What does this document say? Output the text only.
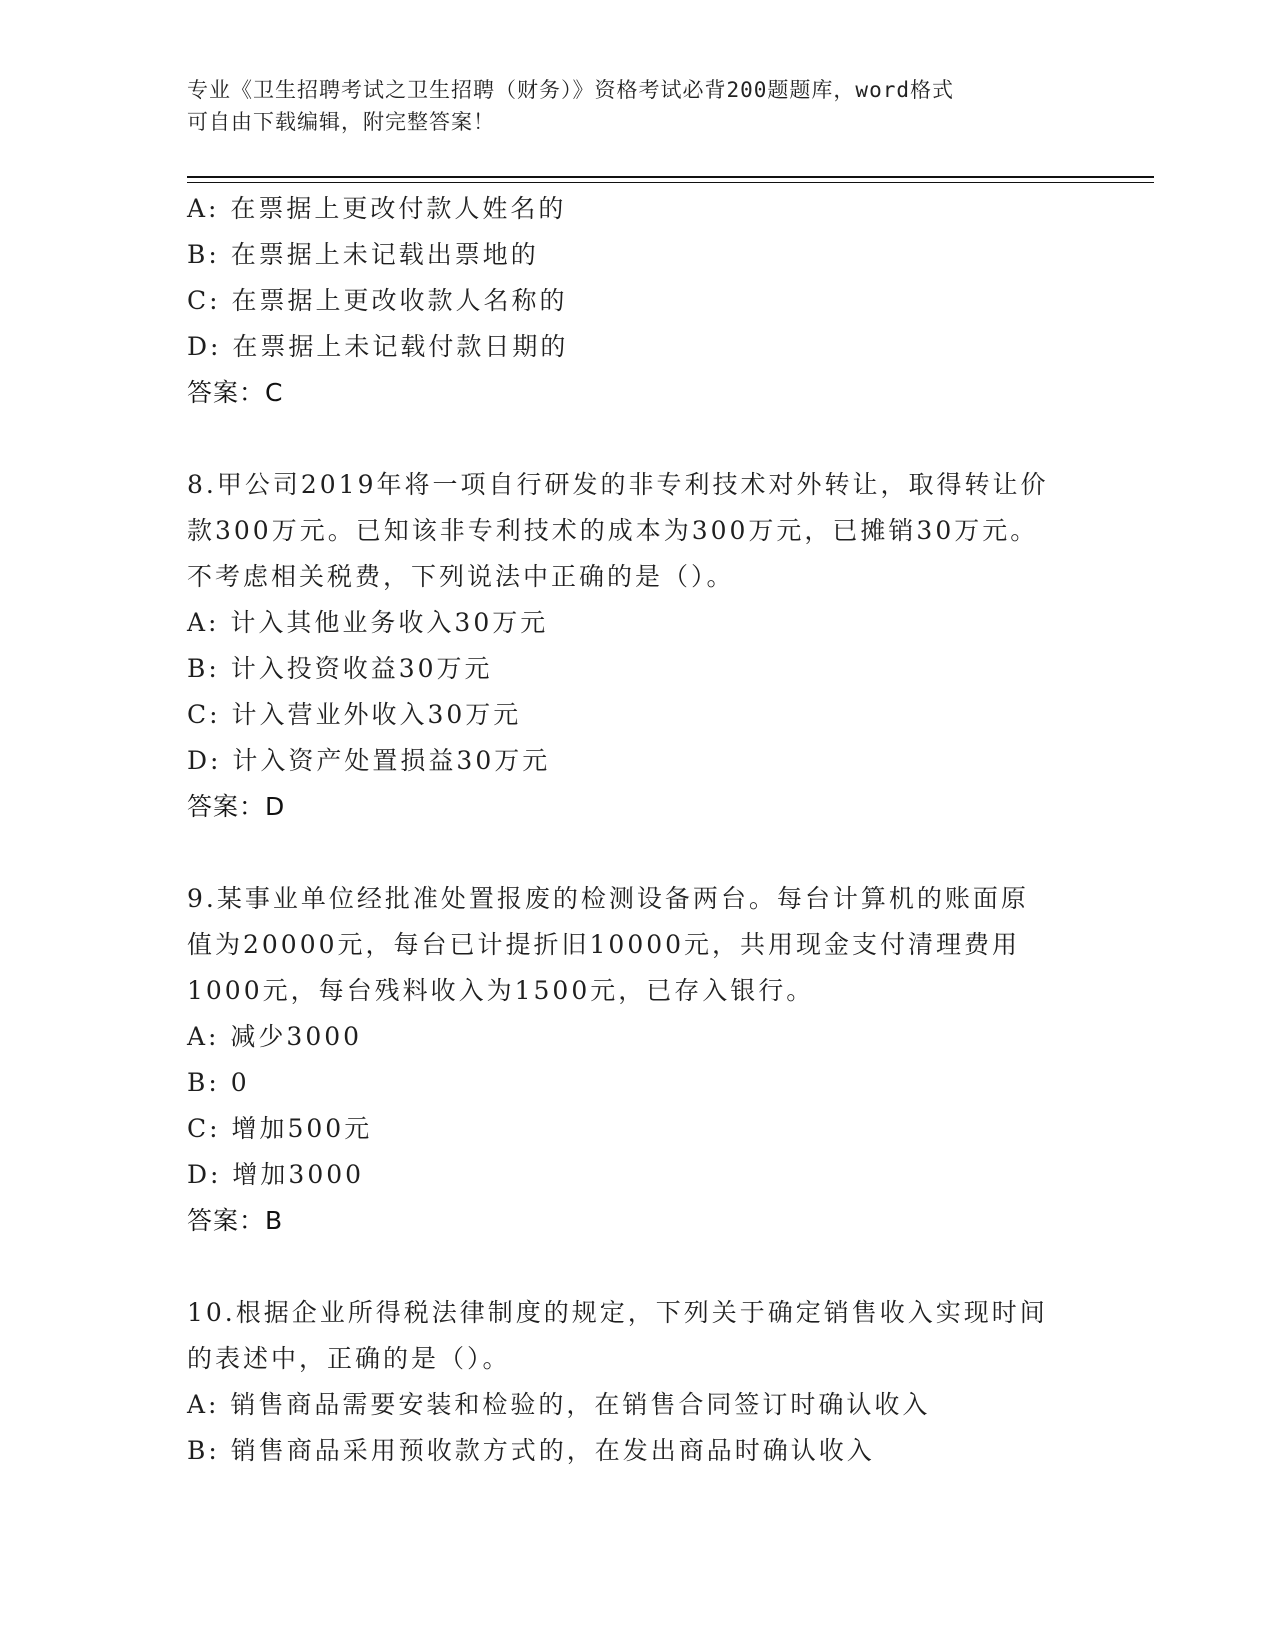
专业《卫生招聘考试之卫生招聘（财务）》资格考试必背200题题库，word格式
可自由下载编辑，附完整答案！
A: 在票据上更改付款人姓名的
B: 在票据上未记载出票地的
C: 在票据上更改收款人名称的
D: 在票据上未记载付款日期的
答案：C
8.甲公司2019年将一项自行研发的非专利技术对外转让，取得转让价
款300万元。已知该非专利技术的成本为300万元，已摊销30万元。
不考虑相关税费，下列说法中正确的是（）。
A: 计入其他业务收入30万元
B: 计入投资收益30万元
C: 计入营业外收入30万元
D: 计入资产处置损益30万元
答案：D
9.某事业单位经批准处置报废的检测设备两台。每台计算机的账面原
值为20000元，每台已计提折旧10000元，共用现金支付清理费用
1000元，每台残料收入为1500元，已存入银行。
A: 减少3000
B: 0
C: 增加500元
D: 增加3000
答案：B
10.根据企业所得税法律制度的规定，下列关于确定销售收入实现时间
的表述中，正确的是（）。
A: 销售商品需要安装和检验的，在销售合同签订时确认收入
B: 销售商品采用预收款方式的，在发出商品时确认收入
